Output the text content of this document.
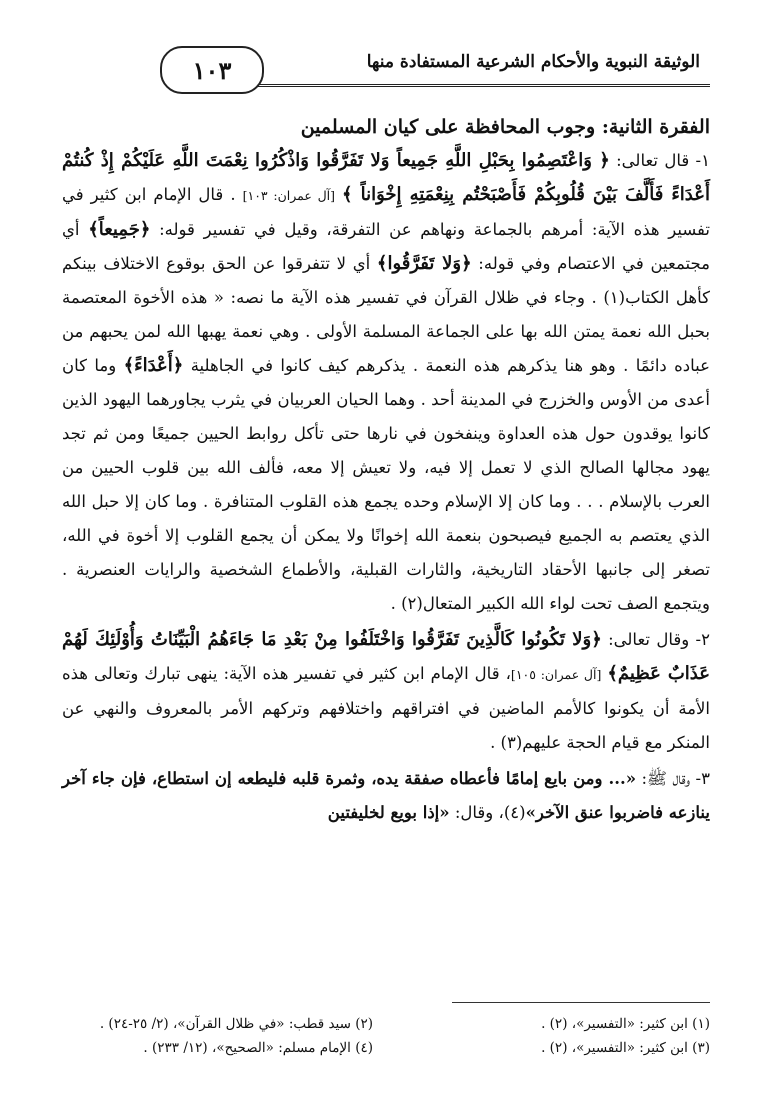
الوثيقة النبوية والأحكام الشرعية المستفادة منها
١٠٣
الفقرة الثانية: وجوب المحافظة على كيان المسلمين

١- قال تعالى: ﴿ وَاعْتَصِمُوا بِحَبْلِ اللَّهِ جَمِيعاً وَلا تَفَرَّقُوا وَاذْكُرُوا نِعْمَتَ اللَّهِ عَلَيْكُمْ إِذْ كُنتُمْ أَعْدَاءً فَأَلَّفَ بَيْنَ قُلُوبِكُمْ فَأَصْبَحْتُم بِنِعْمَتِهِ إِخْوَاناً ﴾ [آل عمران: ١٠٣] . قال الإمام ابن كثير في تفسير هذه الآية: أمرهم بالجماعة ونهاهم عن التفرقة، وقيل في تفسير قوله: ﴿جَمِيعاً﴾ أي مجتمعين في الاعتصام وفي قوله: ﴿وَلا تَفَرَّقُوا﴾ أي لا تتفرقوا عن الحق بوقوع الاختلاف بينكم كأهل الكتاب(١) . وجاء في ظلال القرآن في تفسير هذه الآية ما نصه: « هذه الأخوة المعتصمة بحبل الله نعمة يمتن الله بها على الجماعة المسلمة الأولى . وهي نعمة يهبها الله لمن يحبهم من عباده دائمًا . وهو هنا يذكرهم هذه النعمة . يذكرهم كيف كانوا في الجاهلية ﴿أَعْدَاءً﴾ وما كان أعدى من الأوس والخزرج في المدينة أحد . وهما الحيان العربيان في يثرب يجاورهما اليهود الذين كانوا يوقدون حول هذه العداوة وينفخون في نارها حتى تأكل روابط الحيين جميعًا ومن ثم تجد يهود مجالها الصالح الذي لا تعمل إلا فيه، ولا تعيش إلا معه، فألف الله بين قلوب الحيين من العرب بالإسلام . . . وما كان إلا الإسلام وحده يجمع هذه القلوب المتنافرة . وما كان إلا حبل الله الذي يعتصم به الجميع فيصبحون بنعمة الله إخوانًا ولا يمكن أن يجمع القلوب إلا أخوة في الله، تصغر إلى جانبها الأحقاد التاريخية، والثارات القبلية، والأطماع الشخصية والرايات العنصرية . ويتجمع الصف تحت لواء الله الكبير المتعال(٢) .

٢- وقال تعالى: ﴿وَلا تَكُونُوا كَالَّذِينَ تَفَرَّقُوا وَاخْتَلَفُوا مِنْ بَعْدِ مَا جَاءَهُمُ الْبَيِّنَاتُ وَأُوْلَئِكَ لَهُمْ عَذَابٌ عَظِيمٌ﴾ [آل عمران: ١٠٥]، قال الإمام ابن كثير في تفسير هذه الآية: ينهى تبارك وتعالى هذه الأمة أن يكونوا كالأمم الماضين في افتراقهم واختلافهم وتركهم الأمر بالمعروف والنهي عن المنكر مع قيام الحجة عليهم(٣) .

٣- وقال ﷺ: «... ومن بايع إمامًا فأعطاه صفقة يده، وثمرة قلبه فليطعه إن استطاع، فإن جاء آخر ينازعه فاضربوا عنق الآخر»(٤)، وقال: «إذا بويع لخليفتين

(١) ابن كثير: «التفسير»، (٢) .
(٢) سيد قطب: «في ظلال القرآن»، (٢/ ٢٥-٢٤) .
(٣) ابن كثير: «التفسير»، (٢) .
(٤) الإمام مسلم: «الصحيح»، (١٢/ ٢٣٣) .
